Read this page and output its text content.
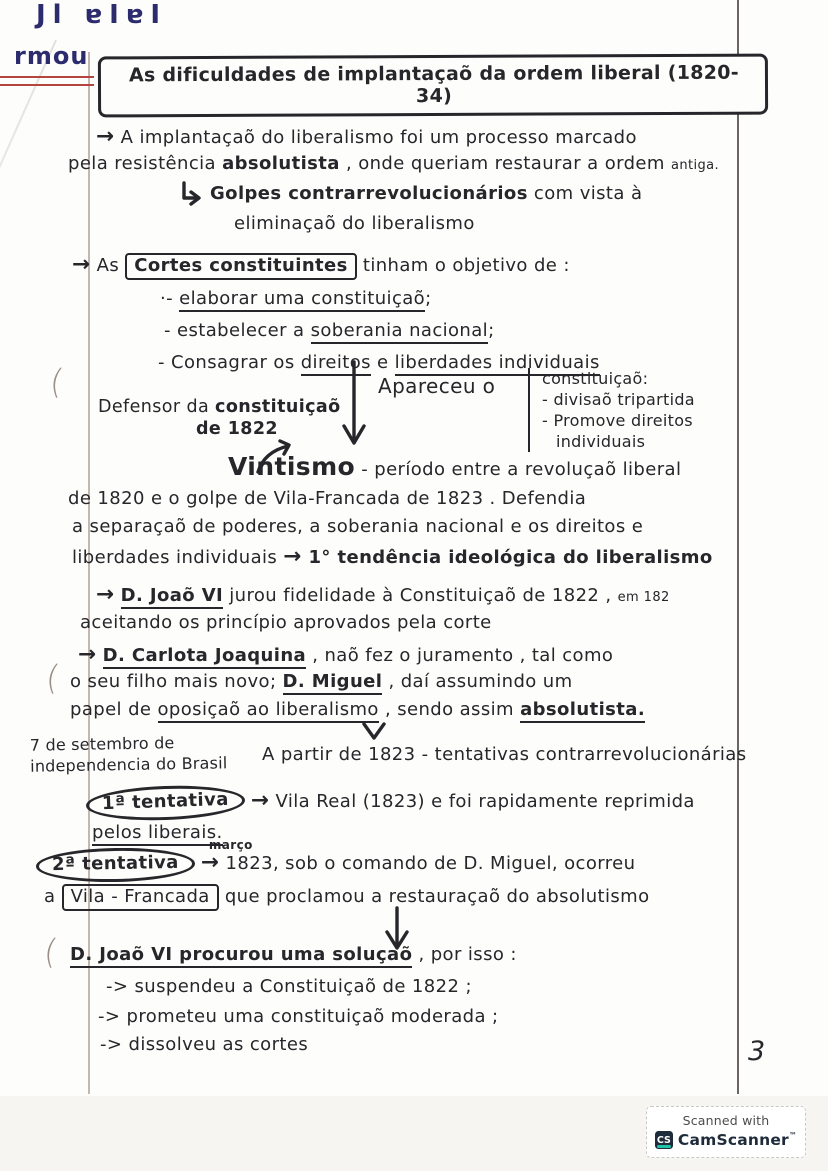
(
(
(
Jl ɐIɐI
rmou
As dificuldades de implantaçaõ da ordem liberal (1820-34)
→ A implantaçaõ do liberalismo foi um processo marcado
pela resistência absolutista , onde queriam restaurar a ordem antiga.
Golpes contrarrevolucionários com vista à
eliminaçaõ do liberalismo
→ As Cortes constituintes tinham o objetivo de :
·- elaborar uma constituiçaõ;
- estabelecer a soberania nacional;
- Consagrar os direitos e liberdades individuais
Defensor da constituiçaõ
de 1822
Apareceu o	constituiçaõ:
- divisaõ tripartida
- Promove direitos
individuais
Vintismo - período entre a revoluçaõ liberal
de 1820 e o golpe de Vila-Francada de 1823 . Defendia
a separaçaõ de poderes, a soberania nacional e os direitos e
liberdades individuais → 1° tendência ideológica do liberalismo
→ D. Joaõ VI jurou fidelidade à Constituiçaõ de 1822 , em 182
aceitando os princípio aprovados pela corte
→ D. Carlota Joaquina , naõ fez o juramento , tal como
o seu filho mais novo; D. Miguel , daí assumindo um
papel de oposiçaõ ao liberalismo , sendo assim absolutista.
7 de setembro de
independencia do Brasil A partir de 1823 - tentativas contrarrevolucionárias
1ª tentativa → Vila Real (1823) e foi rapidamente reprimida
pelos liberais.
2ª tentativa →
março
1823, sob o comando de D. Miguel, ocorreu
a Vila - Francada que proclamou a restauraçaõ do absolutismo
D. Joaõ VI procurou uma soluçaõ , por isso :
-> suspendeu a Constituiçaõ de 1822 ;
-> prometeu uma constituiçaõ moderada ;
-> dissolveu as cortes	3
Scanned with
CS CamScanner™
